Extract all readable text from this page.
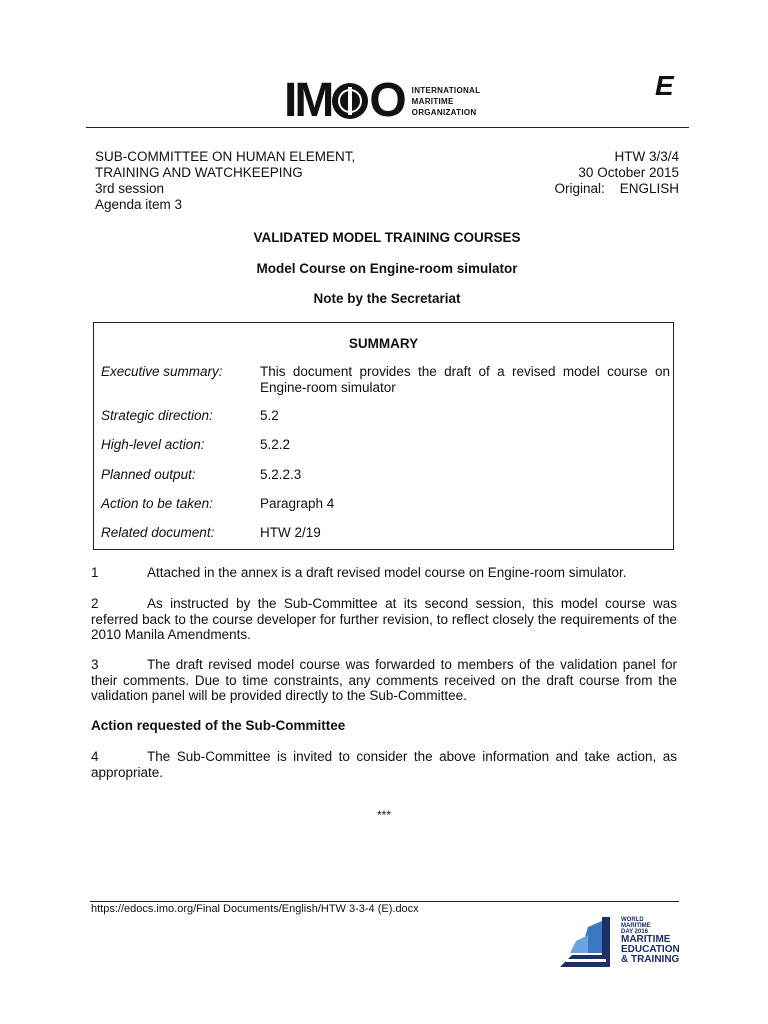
IM O INTERNATIONAL
MARITIME
ORGANIZATION
E
SUB-COMMITTEE ON HUMAN ELEMENT,
TRAINING AND WATCHKEEPING
3rd session
Agenda item 3
HTW 3/3/4
30 October 2015
Original:    ENGLISH
VALIDATED MODEL TRAINING COURSES
Model Course on Engine-room simulator
Note by the Secretariat
SUMMARY
Executive summary:	This document provides the draft of a revised model course on Engine-room simulator
Strategic direction:	5.2
High-level action:	5.2.2
Planned output:	5.2.2.3
Action to be taken:	Paragraph 4
Related document:	HTW 2/19
1	Attached in the annex is a draft revised model course on Engine-room simulator.
2	As instructed by the Sub-Committee at its second session, this model course was referred back to the course developer for further revision, to reflect closely the requirements of the 2010 Manila Amendments.
3	The draft revised model course was forwarded to members of the validation panel for their comments. Due to time constraints, any comments received on the draft course from the validation panel will be provided directly to the Sub-Committee.
Action requested of the Sub-Committee
4	The Sub-Committee is invited to consider the above information and take action, as appropriate.
***
https://edocs.imo.org/Final Documents/English/HTW 3-3-4 (E).docx
WORLD
MARITIME
DAY 2016
MARITIME
EDUCATION
& TRAINING
